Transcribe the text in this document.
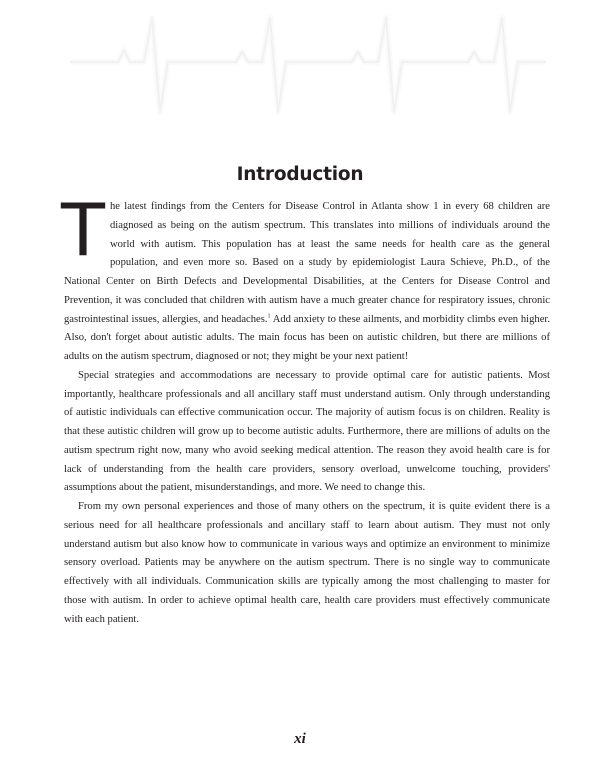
Introduction

The latest findings from the Centers for Disease Control in Atlanta show 1 in every 68 children are diagnosed as being on the autism spectrum. This translates into millions of individuals around the world with autism. This population has at least the same needs for health care as the general population, and even more so. Based on a study by epidemiologist Laura Schieve, Ph.D., of the National Center on Birth Defects and Developmental Disabilities, at the Centers for Disease Control and Prevention, it was concluded that children with autism have a much greater chance for respiratory issues, chronic gastrointestinal issues, allergies, and headaches.$^1$ Add anxiety to these ailments, and morbidity climbs even higher. Also, don't forget about autistic adults. The main focus has been on autistic children, but there are millions of adults on the autism spectrum, diagnosed or not; they might be your next patient!

Special strategies and accommodations are necessary to provide optimal care for autistic patients. Most importantly, healthcare professionals and all ancillary staff must understand autism. Only through understanding of autistic individuals can effective communication occur. The majority of autism focus is on children. Reality is that these autistic children will grow up to become autistic adults. Furthermore, there are millions of adults on the autism spectrum right now, many who avoid seeking medical attention. The reason they avoid health care is for lack of understanding from the health care providers, sensory overload, unwelcome touching, providers' assumptions about the patient, misunderstandings, and more. We need to change this.

From my own personal experiences and those of many others on the spectrum, it is quite evident there is a serious need for all healthcare professionals and ancillary staff to learn about autism. They must not only understand autism but also know how to communicate in various ways and optimize an environment to minimize sensory overload. Patients may be anywhere on the autism spectrum. There is no single way to communicate effectively with all individuals. Communication skills are typically among the most challenging to master for those with autism. In order to achieve optimal health care, health care providers must effectively communicate with each patient.

xi
